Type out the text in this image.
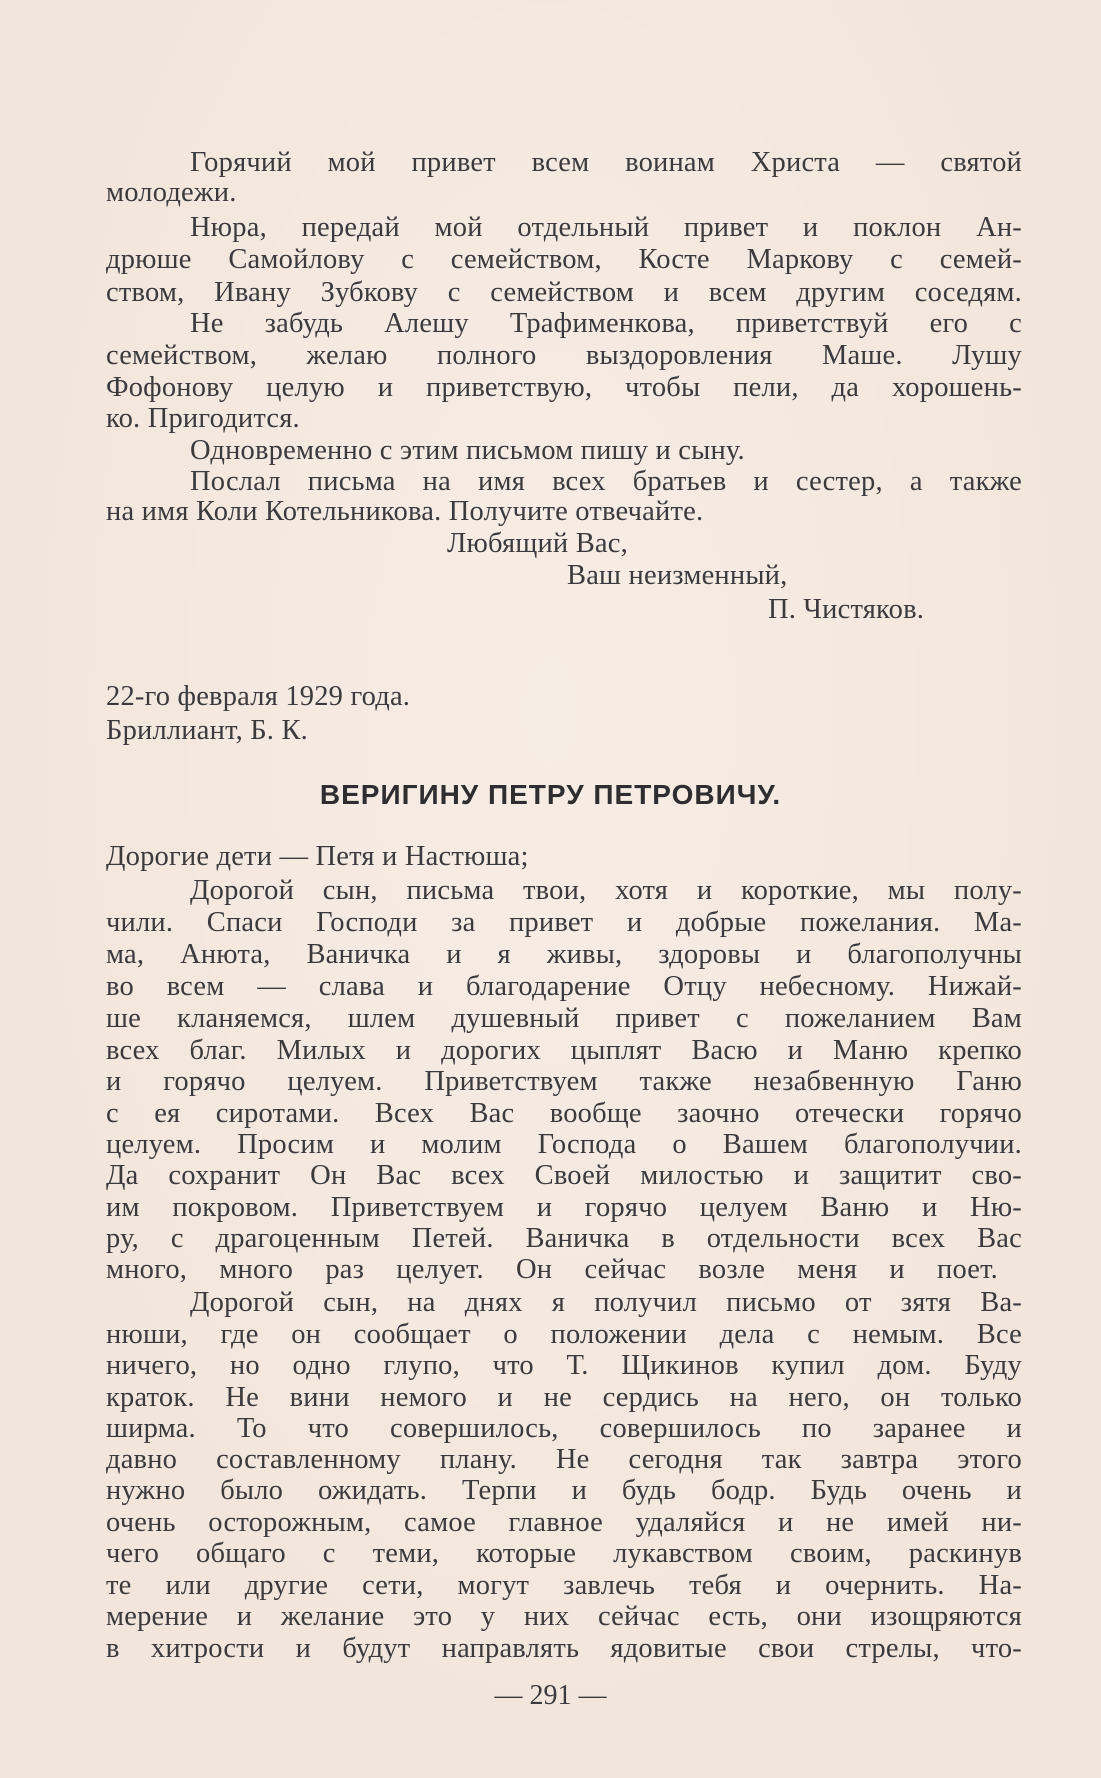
Горячий мой привет всем воинам Христа — святой
молодежи.
Нюра, передай мой отдельный привет и поклон Ан-
дрюше Самойлову с семейством, Косте Маркову с семей-
ством, Ивану Зубкову с семейством и всем другим соседям.
Не забудь Алешу Трафименкова, приветствуй его с
семейством, желаю полного выздоровления Маше. Лушу
Фофонову целую и приветствую, чтобы пели, да хорошень-
ко. Пригодится.
Одновременно с этим письмом пишу и сыну.
Послал письма на имя всех братьев и сестер, а также
на имя Коли Котельникова. Получите отвечайте.
Любящий Вас,
Ваш неизменный,
П. Чистяков.
22-го февраля 1929 года.
Бриллиант, Б. К.
ВЕРИГИНУ ПЕТРУ ПЕТРОВИЧУ.
Дорогие дети — Петя и Настюша;
Дорогой сын, письма твои, хотя и короткие, мы полу-
чили. Спаси Господи за привет и добрые пожелания. Ма-
ма, Анюта, Ваничка и я живы, здоровы и благополучны
во всем — слава и благодарение Отцу небесному. Нижай-
ше кланяемся, шлем душевный привет с пожеланием Вам
всех благ. Милых и дорогих цыплят Васю и Маню крепко
и горячо целуем. Приветствуем также незабвенную Ганю
с ея сиротами. Всех Вас вообще заочно отечески горячо
целуем. Просим и молим Господа о Вашем благополучии.
Да сохранит Он Вас всех Своей милостью и защитит сво-
им покровом. Приветствуем и горячо целуем Ваню и Ню-
ру, с драгоценным Петей. Ваничка в отдельности всех Вас
много, много раз целует. Он сейчас возле меня и поет.
Дорогой сын, на днях я получил письмо от зятя Ва-
нюши, где он сообщает о положении дела с немым. Все
ничего, но одно глупо, что Т. Щикинов купил дом. Буду
краток. Не вини немого и не сердись на него, он только
ширма. То что совершилось, совершилось по заранее и
давно составленному плану. Не сегодня так завтра этого
нужно было ожидать. Терпи и будь бодр. Будь очень и
очень осторожным, самое главное удаляйся и не имей ни-
чего общаго с теми, которые лукавством своим, раскинув
те или другие сети, могут завлечь тебя и очернить. На-
мерение и желание это у них сейчас есть, они изощряются
в хитрости и будут направлять ядовитые свои стрелы, что-
— 291 —
